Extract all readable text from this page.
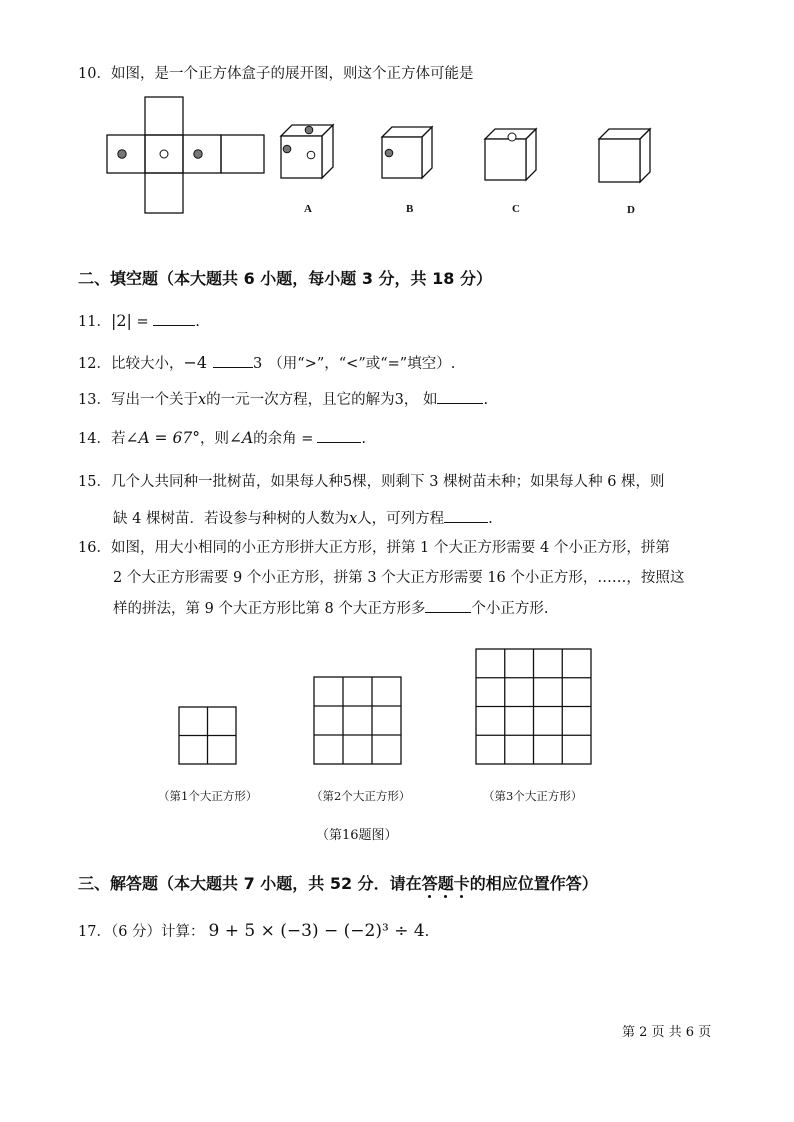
10．如图，是一个正方体盒子的展开图，则这个正方体可能是
A	B	C	D
二、填空题（本大题共 6 小题，每小题 3 分，共 18 分）
11．|2| =	.
12．比较大小，−4	3 （用“>”，“<”或“=”填空）.
13．写出一个关于x的一元一次方程，且它的解为3， 如	.
14．若∠A = 67°，则∠A的余角 =	.
15．几个人共同种一批树苗，如果每人种5棵，则剩下 3 棵树苗未种；如果每人种 6 棵，则
缺 4 棵树苗．若设参与种树的人数为x人，可列方程	.
16．如图，用大小相同的小正方形拼大正方形，拼第 1 个大正方形需要 4 个小正方形，拼第
2 个大正方形需要 9 个小正方形，拼第 3 个大正方形需要 16 个小正方形，……，按照这
样的拼法，第 9 个大正方形比第 8 个大正方形多	个小正方形.
（第1个大正方形）	（第2个大正方形）	（第3个大正方形）
（第16题图）
三、解答题（本大题共 7 小题，共 52 分．请在答题卡的相应位置作答）
17．（6 分）计算： 9 + 5 × (−3) − (−2)³ ÷ 4.
第 2 页 共 6 页
